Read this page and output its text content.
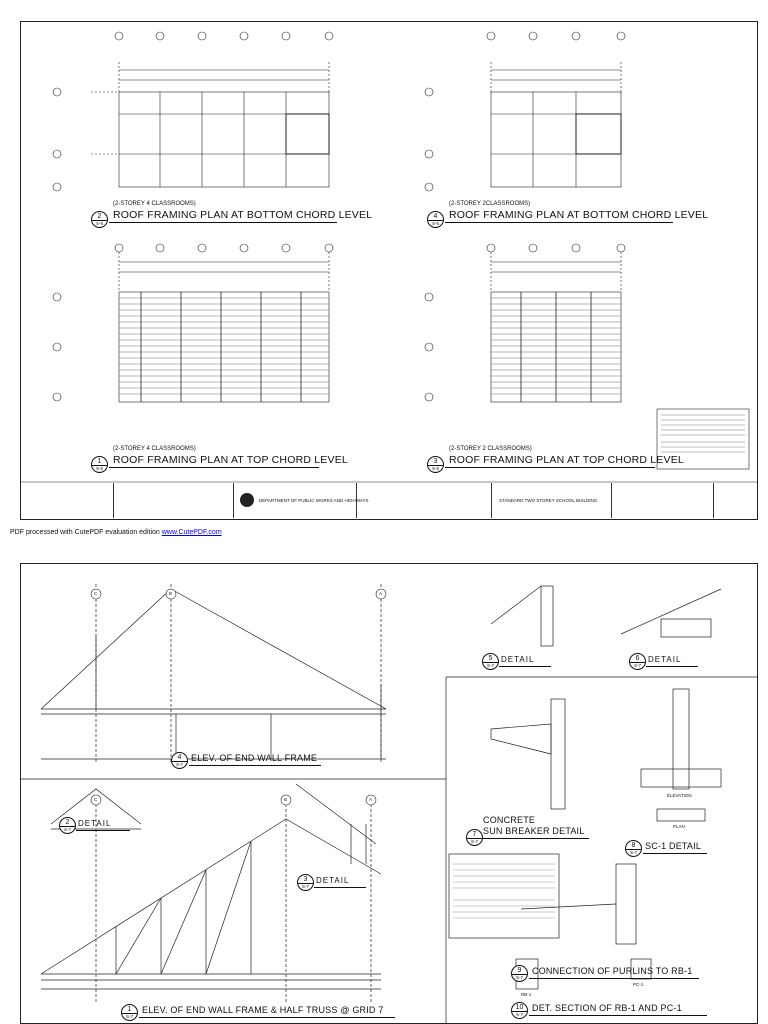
2
S-6
(2-STOREY 4 CLASSROOMS)
ROOF FRAMING PLAN AT BOTTOM CHORD LEVEL	4
S-6
(2-STOREY 2CLASSROOMS)
ROOF FRAMING PLAN AT BOTTOM CHORD LEVEL
1
S-6
(2-STOREY 4 CLASSROOMS)
ROOF FRAMING PLAN AT TOP CHORD LEVEL	3
S-6
(2-STOREY 2 CLASSROOMS)
ROOF FRAMING PLAN AT TOP CHORD LEVEL
DEPARTMENT OF PUBLIC WORKS AND HIGHWAYS	STANDARD TWO STOREY SCHOOL BUILDING
PDF processed with CutePDF evaluation edition www.CutePDF.com
C	B	A
C	B	A
4
S-7
ELEV. OF END WALL FRAME
5
S-7
DETAIL	6
S-7
DETAIL
CONCRETE
7
S-7
SUN BREAKER DETAIL
ELEVATION
PLAN
8
S-7
SC-1 DETAIL
2
S-7
DETAIL
3
S-7
DETAIL
9
S-7
CONNECTION OF PURLINS TO RB-1
RB-1
PC-1
10
S-7
DET. SECTION OF RB-1 AND PC-1
1
S-7
ELEV. OF END WALL FRAME & HALF TRUSS @ GRID 7
